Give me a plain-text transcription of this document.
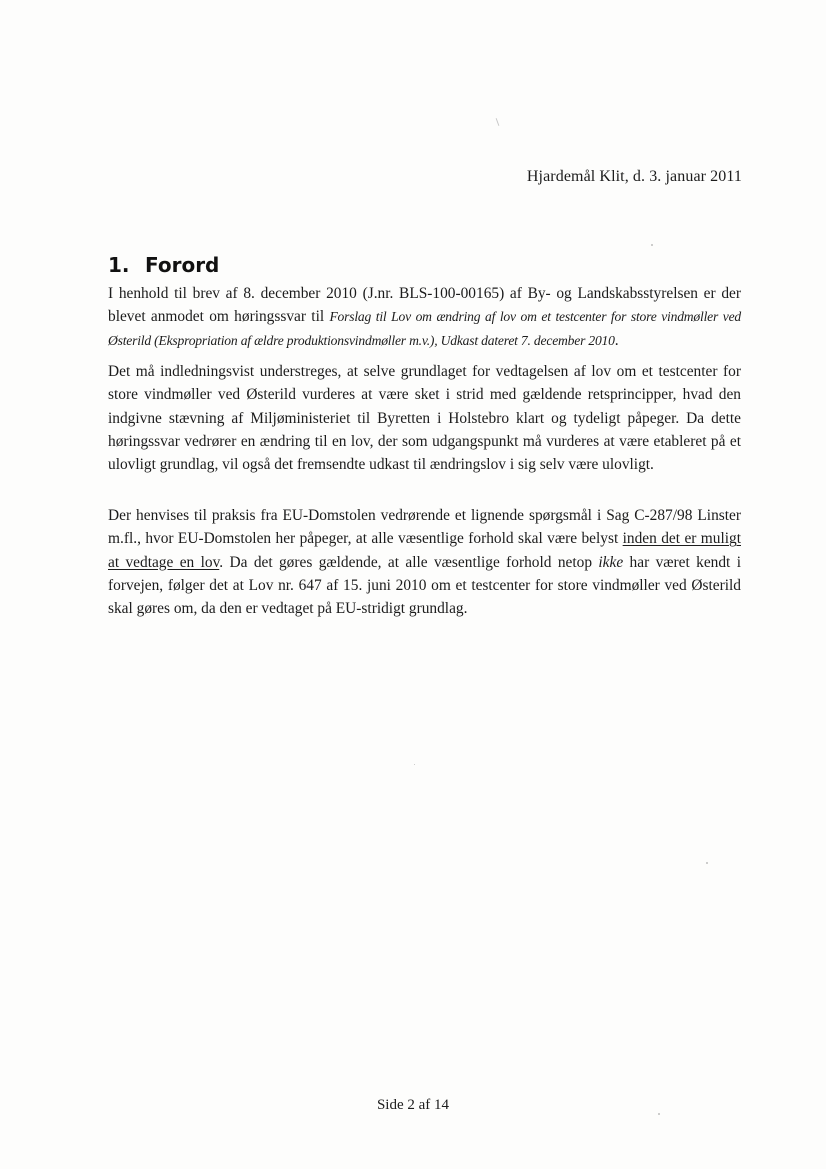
Hjardemål Klit, d. 3. januar 2011
1. Forord

I henhold til brev af 8. december 2010 (J.nr. BLS-100-00165) af By- og Landskabsstyrelsen er der blevet anmodet om høringssvar til Forslag til Lov om ændring af lov om et testcenter for store vindmøller ved Østerild (Ekspropriation af ældre produktionsvindmøller m.v.), Udkast dateret 7. december 2010.

Det må indledningsvist understreges, at selve grundlaget for vedtagelsen af lov om et testcenter for store vindmøller ved Østerild vurderes at være sket i strid med gældende retsprincipper, hvad den indgivne stævning af Miljøministeriet til Byretten i Holstebro klart og tydeligt påpeger. Da dette høringssvar vedrører en ændring til en lov, der som udgangspunkt må vurderes at være etableret på et ulovligt grundlag, vil også det fremsendte udkast til ændringslov i sig selv være ulovligt.

Der henvises til praksis fra EU-Domstolen vedrørende et lignende spørgsmål i Sag C-287/98 Linster m.fl., hvor EU-Domstolen her påpeger, at alle væsentlige forhold skal være belyst inden det er muligt at vedtage en lov. Da det gøres gældende, at alle væsentlige forhold netop ikke har været kendt i forvejen, følger det at Lov nr. 647 af 15. juni 2010 om et testcenter for store vindmøller ved Østerild skal gøres om, da den er vedtaget på EU-stridigt grundlag.

Side 2 af 14
